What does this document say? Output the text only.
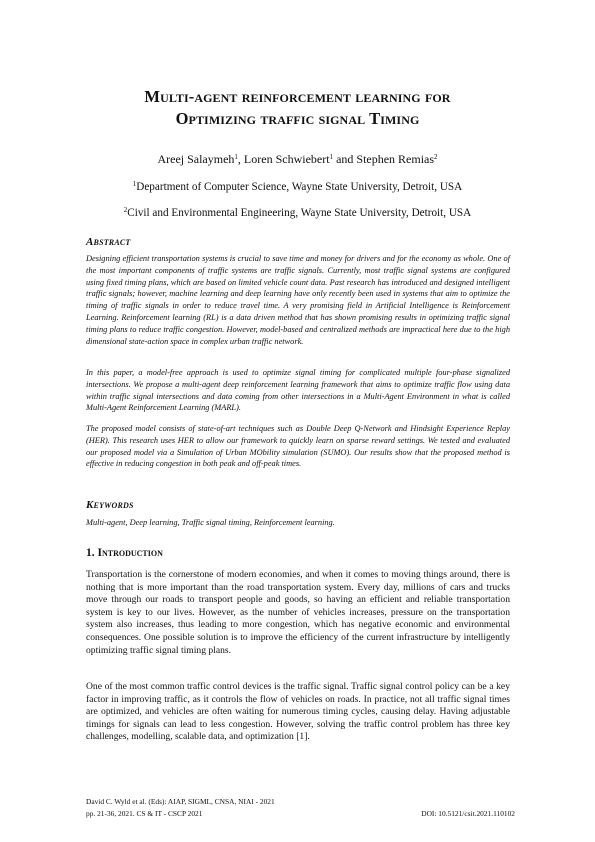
Multi-agent reinforcement learning for
Optimizing traffic signal Timing
Areej Salaymeh$^1$, Loren Schwiebert$^1$ and Stephen Remias$^2$
$^1$Department of Computer Science, Wayne State University, Detroit, USA
$^2$Civil and Environmental Engineering, Wayne State University, Detroit, USA
Abstract
Designing efficient transportation systems is crucial to save time and money for drivers and for the economy as whole. One of the most important components of traffic systems are traffic signals. Currently, most traffic signal systems are configured using fixed timing plans, which are based on limited vehicle count data. Past research has introduced and designed intelligent traffic signals; however, machine learning and deep learning have only recently been used in systems that aim to optimize the timing of traffic signals in order to reduce travel time. A very promising field in Artificial Intelligence is Reinforcement Learning. Reinforcement learning (RL) is a data driven method that has shown promising results in optimizing traffic signal timing plans to reduce traffic congestion. However, model-based and centralized methods are impractical here due to the high dimensional state-action space in complex urban traffic network.
In this paper, a model-free approach is used to optimize signal timing for complicated multiple four-phase signalized intersections. We propose a multi-agent deep reinforcement learning framework that aims to optimize traffic flow using data within traffic signal intersections and data coming from other intersections in a Multi-Agent Environment in what is called Multi-Agent Reinforcement Learning (MARL).
The proposed model consists of state-of-art techniques such as Double Deep Q-Network and Hindsight Experience Replay (HER). This research uses HER to allow our framework to quickly learn on sparse reward settings. We tested and evaluated our proposed model via a Simulation of Urban MObility simulation (SUMO). Our results show that the proposed method is effective in reducing congestion in both peak and off-peak times.
Keywords
Multi-agent, Deep learning, Traffic signal timing, Reinforcement learning.
1. Introduction
Transportation is the cornerstone of modern economies, and when it comes to moving things around, there is nothing that is more important than the road transportation system. Every day, millions of cars and trucks move through our roads to transport people and goods, so having an efficient and reliable transportation system is key to our lives. However, as the number of vehicles increases, pressure on the transportation system also increases, thus leading to more congestion, which has negative economic and environmental consequences. One possible solution is to improve the efficiency of the current infrastructure by intelligently optimizing traffic signal timing plans.
One of the most common traffic control devices is the traffic signal. Traffic signal control policy can be a key factor in improving traffic, as it controls the flow of vehicles on roads. In practice, not all traffic signal times are optimized, and vehicles are often waiting for numerous timing cycles, causing delay. Having adjustable timings for signals can lead to less congestion. However, solving the traffic control problem has three key challenges, modelling, scalable data, and optimization [1].
David C. Wyld et al. (Eds): AIAP, SIGML, CNSA, NIAI - 2021
pp. 21-36, 2021. CS & IT - CSCP 2021	DOI: 10.5121/csit.2021.110102
